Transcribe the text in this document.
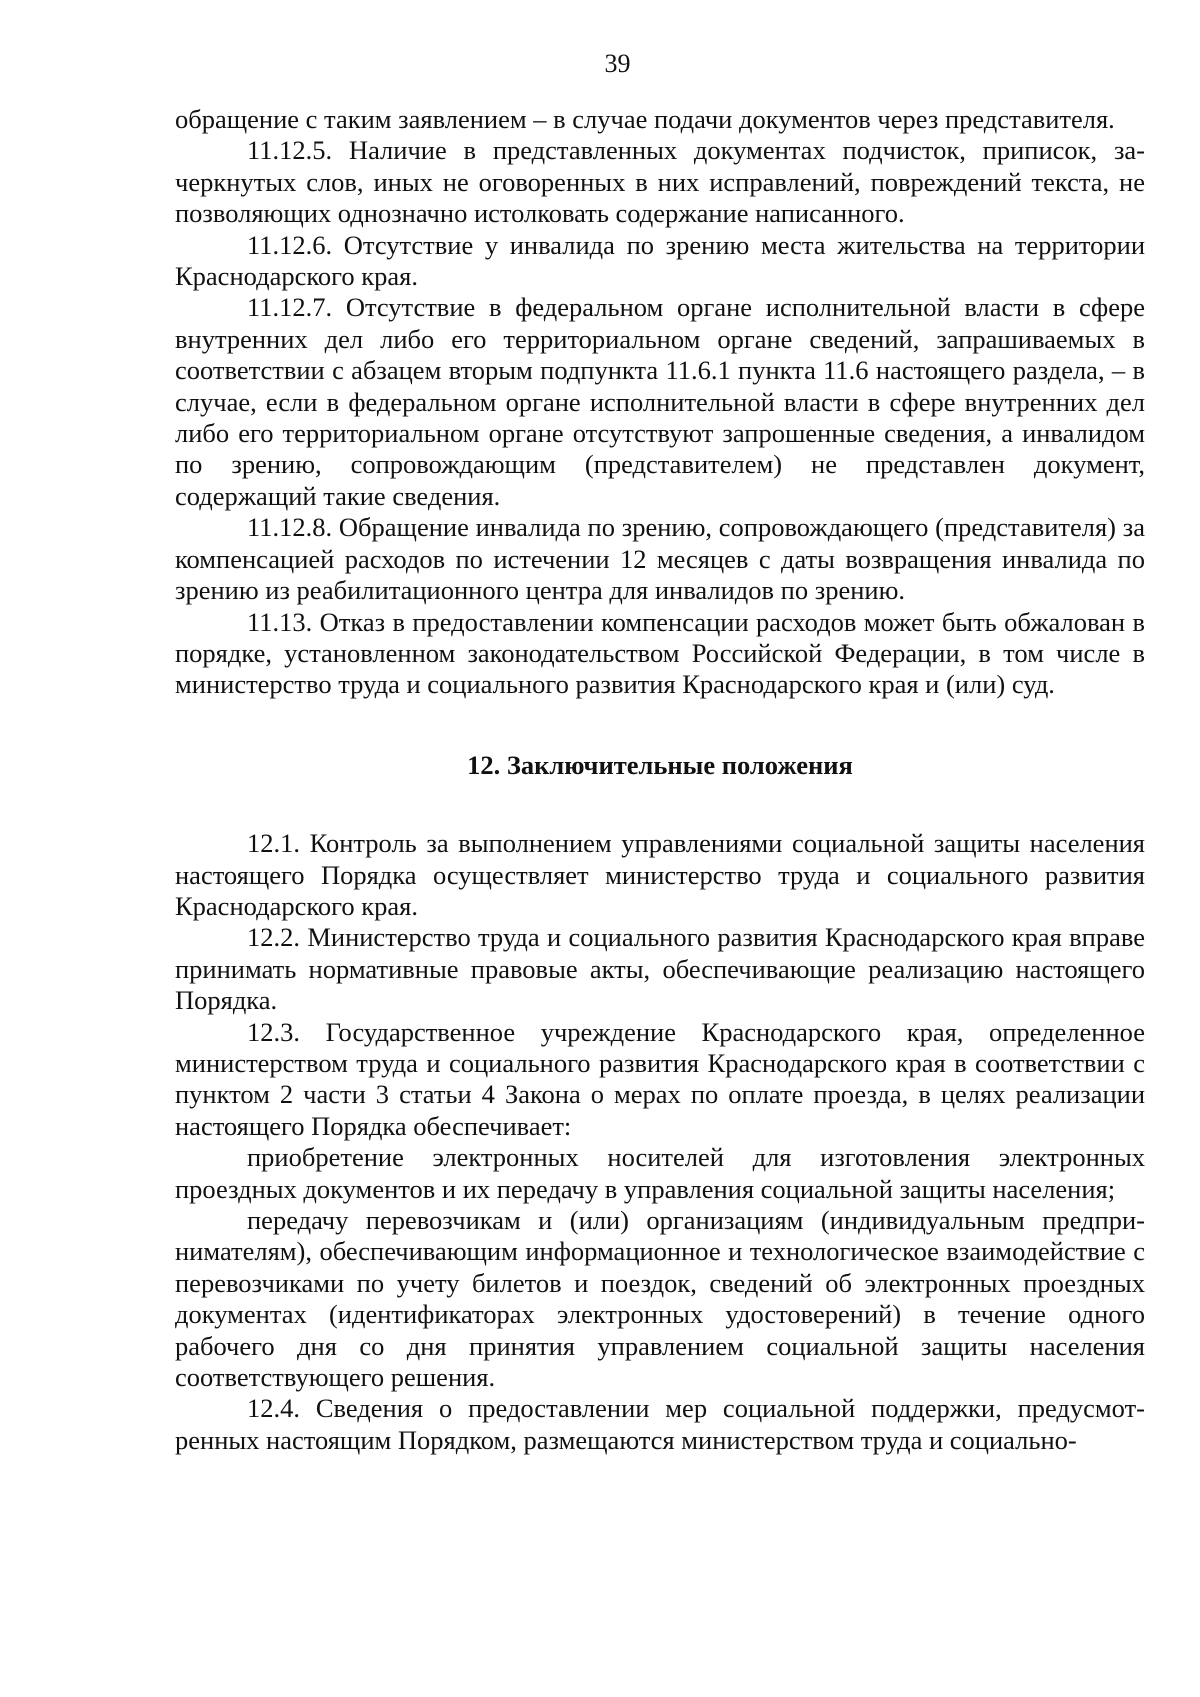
39

обращение с таким заявлением – в случае подачи документов через представителя.

11.12.5. Наличие в представленных документах подчисток, приписок, зачеркнутых слов, иных не оговоренных в них исправлений, повреждений текста, не позволяющих однозначно истолковать содержание написанного.

11.12.6. Отсутствие у инвалида по зрению места жительства на территории Краснодарского края.

11.12.7. Отсутствие в федеральном органе исполнительной власти в сфере внутренних дел либо его территориальном органе сведений, запрашиваемых в соответствии с абзацем вторым подпункта 11.6.1 пункта 11.6 настоящего раздела, – в случае, если в федеральном органе исполнительной власти в сфере внутренних дел либо его территориальном органе отсутствуют запрошенные сведения, а инвалидом по зрению, сопровождающим (представителем) не представлен документ, содержащий такие сведения.

11.12.8. Обращение инвалида по зрению, сопровождающего (представителя) за компенсацией расходов по истечении 12 месяцев с даты возвращения инвалида по зрению из реабилитационного центра для инвалидов по зрению.

11.13. Отказ в предоставлении компенсации расходов может быть обжалован в порядке, установленном законодательством Российской Федерации, в том числе в министерство труда и социального развития Краснодарского края и (или) суд.

12. Заключительные положения

12.1. Контроль за выполнением управлениями социальной защиты населения настоящего Порядка осуществляет министерство труда и социального развития Краснодарского края.

12.2. Министерство труда и социального развития Краснодарского края вправе принимать нормативные правовые акты, обеспечивающие реализацию настоящего Порядка.

12.3. Государственное учреждение Краснодарского края, определенное министерством труда и социального развития Краснодарского края в соответствии с пунктом 2 части 3 статьи 4 Закона о мерах по оплате проезда, в целях реализации настоящего Порядка обеспечивает:

приобретение электронных носителей для изготовления электронных проездных документов и их передачу в управления социальной защиты населения;

передачу перевозчикам и (или) организациям (индивидуальным предпринимателям), обеспечивающим информационное и технологическое взаимодействие с перевозчиками по учету билетов и поездок, сведений об электронных проездных документах (идентификаторах электронных удостоверений) в течение одного рабочего дня со дня принятия управлением социальной защиты населения соответствующего решения.

12.4. Сведения о предоставлении мер социальной поддержки, предусмотренных настоящим Порядком, размещаются министерством труда и социально-
